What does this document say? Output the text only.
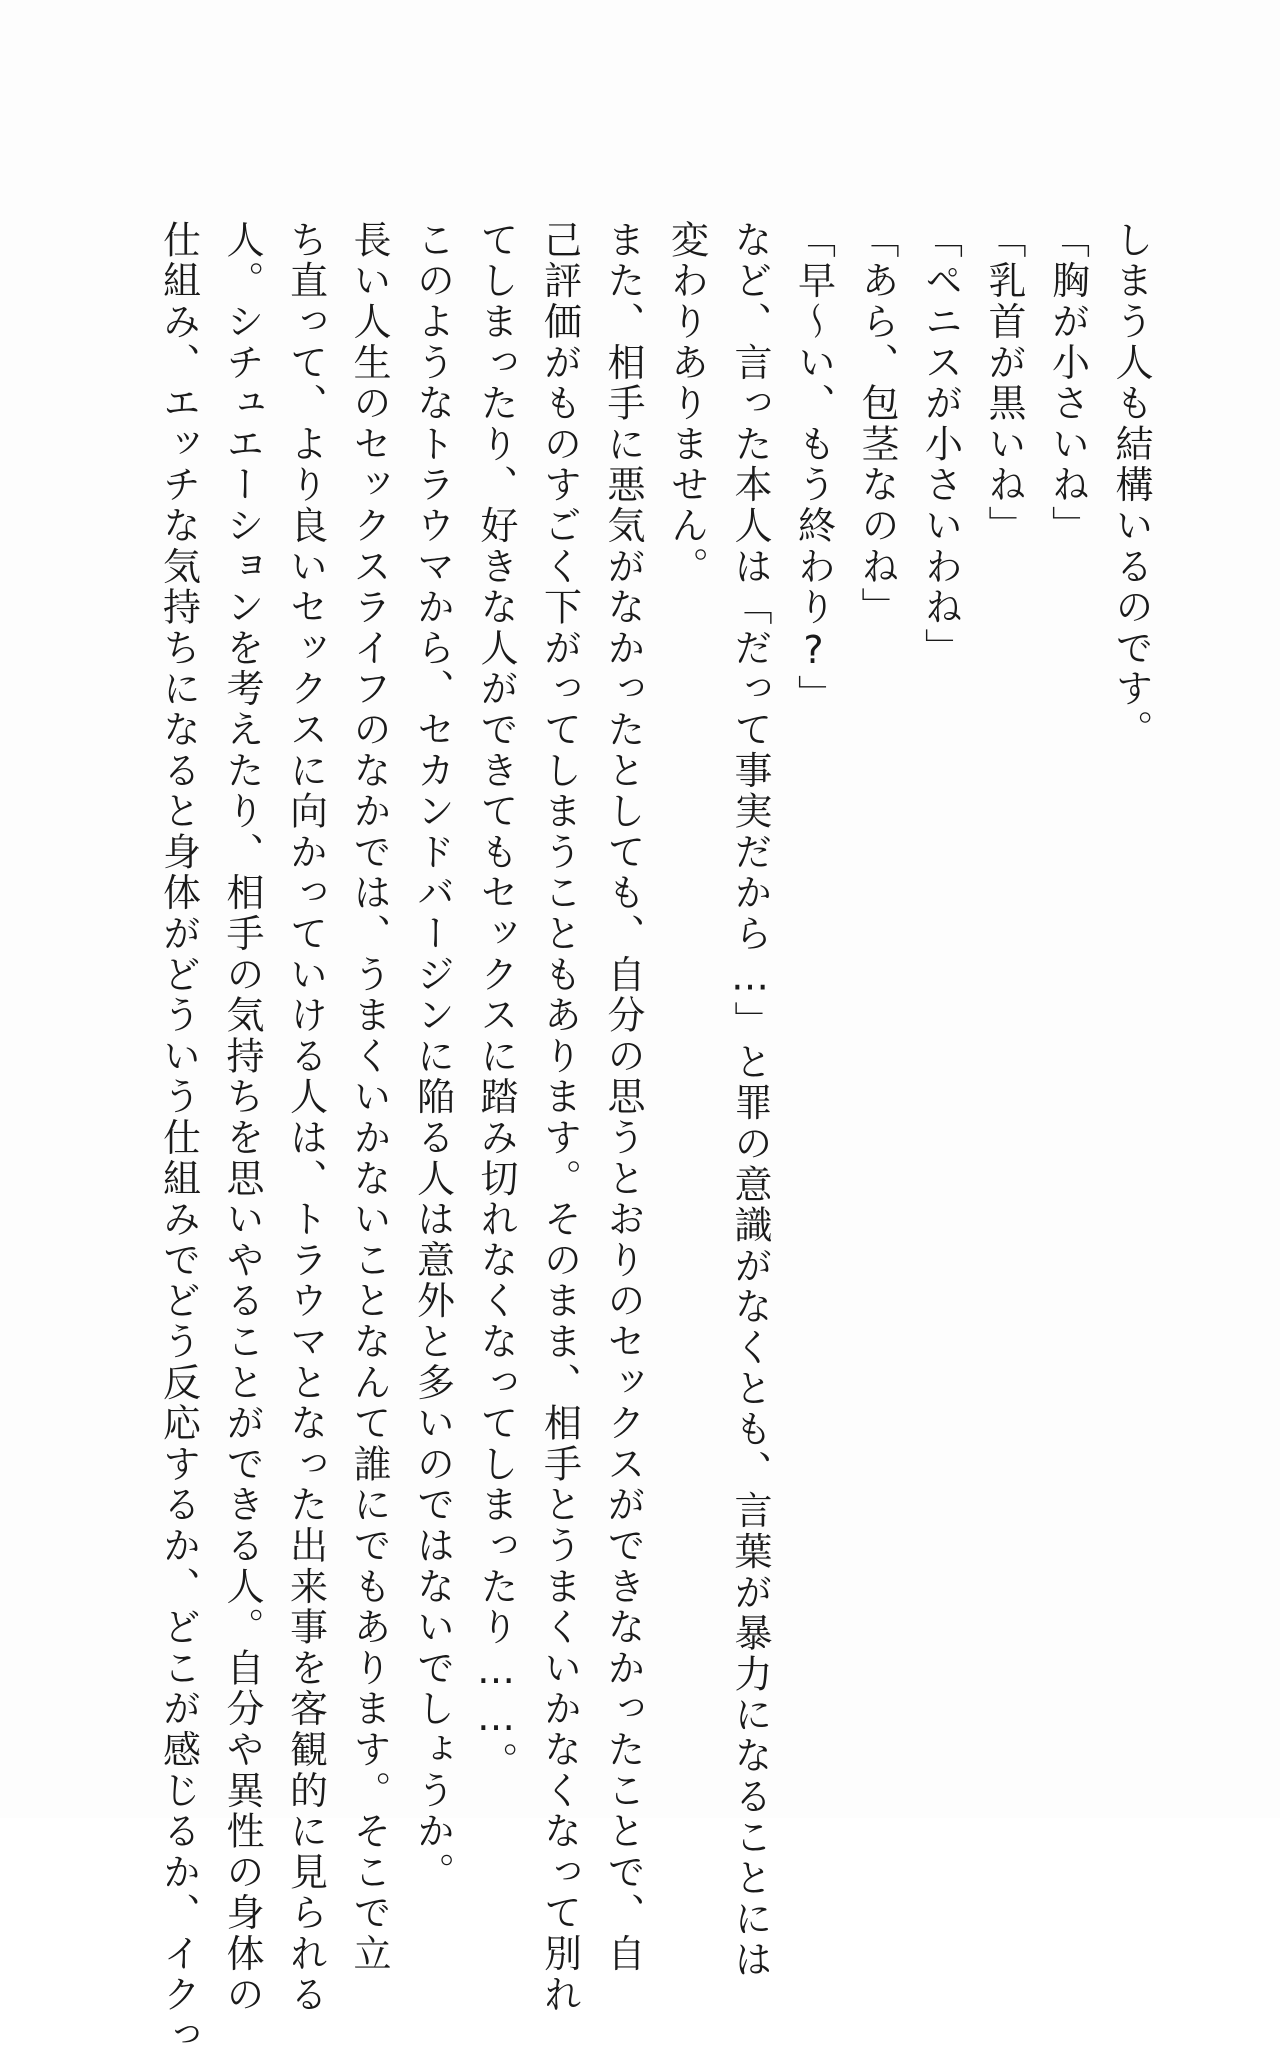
しまう人も結構いるのです。
「胸が小さいね」
「乳首が黒いね」
「ペニスが小さいわね」
「あら、包茎なのね」
「早～い、もう終わり?」
など、言った本人は「だって事実だから…」と罪の意識がなくとも、言葉が暴力になることには
変わりありません。
また、相手に悪気がなかったとしても、自分の思うとおりのセックスができなかったことで、自
己評価がものすごく下がってしまうこともあります。そのまま、相手とうまくいかなくなって別れ
てしまったり、好きな人ができてもセックスに踏み切れなくなってしまったり……。
このようなトラウマから、セカンドバージンに陥る人は意外と多いのではないでしょうか。
長い人生のセックスライフのなかでは、うまくいかないことなんて誰にでもあります。そこで立
ち直って、より良いセックスに向かっていける人は、トラウマとなった出来事を客観的に見られる
人。シチュエーションを考えたり、相手の気持ちを思いやることができる人。自分や異性の身体の
仕組み、エッチな気持ちになると身体がどういう仕組みでどう反応するか、どこが感じるか、イクっ
